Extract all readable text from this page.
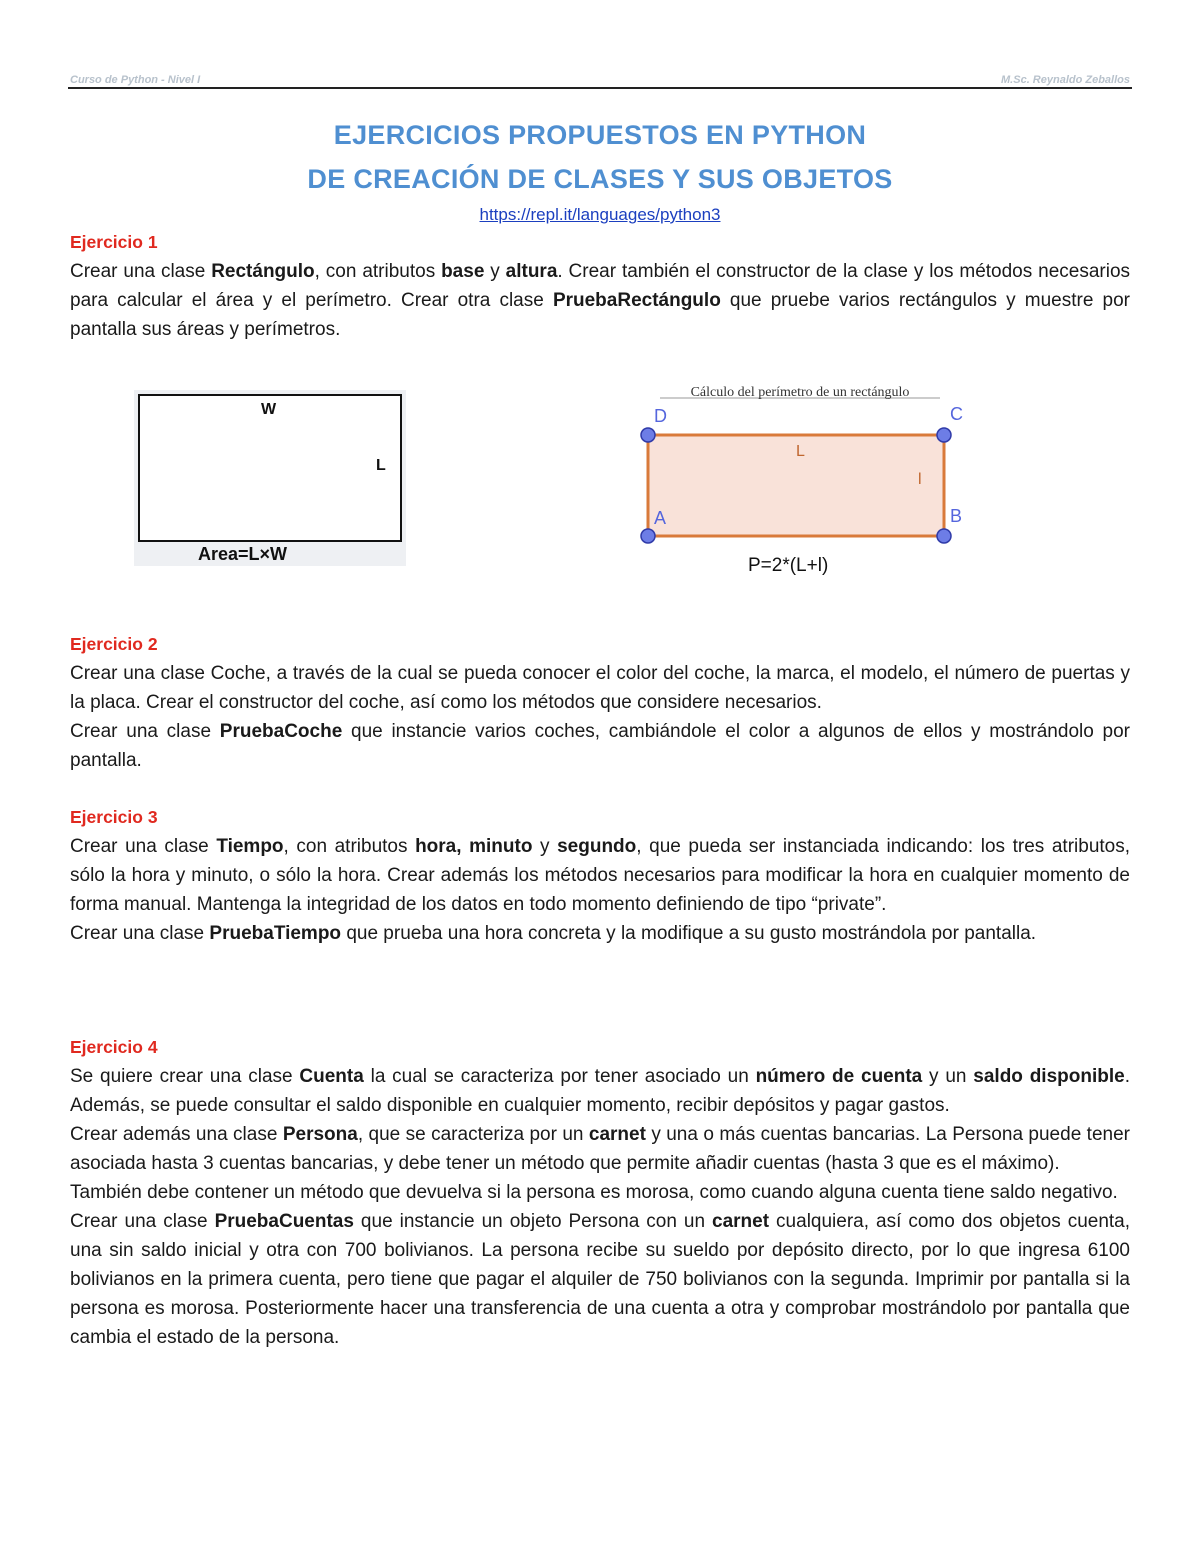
Curso de Python - Nivel I	M.Sc. Reynaldo Zeballos
EJERCICIOS PROPUESTOS EN PYTHON
DE CREACIÓN DE CLASES Y SUS OBJETOS
https://repl.it/languages/python3
Ejercicio 1
Crear una clase Rectángulo, con atributos base y altura. Crear también el constructor de la clase y los métodos necesarios para calcular el área y el perímetro. Crear otra clase PruebaRectángulo que pruebe varios rectángulos y muestre por pantalla sus áreas y perímetros.
W
L
Area=L×W
Cálculo del perímetro de un rectángulo
D	C
A	B
L
l
P=2*(L+l)
Ejercicio 2
Crear una clase Coche, a través de la cual se pueda conocer el color del coche, la marca, el modelo, el número de puertas y la placa. Crear el constructor del coche, así como los métodos que considere necesarios.
Crear una clase PruebaCoche que instancie varios coches, cambiándole el color a algunos de ellos y mostrándolo por pantalla.
Ejercicio 3
Crear una clase Tiempo, con atributos hora, minuto y segundo, que pueda ser instanciada indicando: los tres atributos, sólo la hora y minuto, o sólo la hora. Crear además los métodos necesarios para modificar la hora en cualquier momento de forma manual. Mantenga la integridad de los datos en todo momento definiendo de tipo “private”.
Crear una clase PruebaTiempo que prueba una hora concreta y la modifique a su gusto mostrándola por pantalla.
Ejercicio 4
Se quiere crear una clase Cuenta la cual se caracteriza por tener asociado un número de cuenta y un saldo disponible. Además, se puede consultar el saldo disponible en cualquier momento, recibir depósitos y pagar gastos.
Crear además una clase Persona, que se caracteriza por un carnet y una o más cuentas bancarias. La Persona puede tener asociada hasta 3 cuentas bancarias, y debe tener un método que permite añadir cuentas (hasta 3 que es el máximo).
También debe contener un método que devuelva si la persona es morosa, como cuando alguna cuenta tiene saldo negativo.
Crear una clase PruebaCuentas que instancie un objeto Persona con un carnet cualquiera, así como dos objetos cuenta, una sin saldo inicial y otra con 700 bolivianos. La persona recibe su sueldo por depósito directo, por lo que ingresa 6100 bolivianos en la primera cuenta, pero tiene que pagar el alquiler de 750 bolivianos con la segunda. Imprimir por pantalla si la persona es morosa. Posteriormente hacer una transferencia de una cuenta a otra y comprobar mostrándolo por pantalla que cambia el estado de la persona.
